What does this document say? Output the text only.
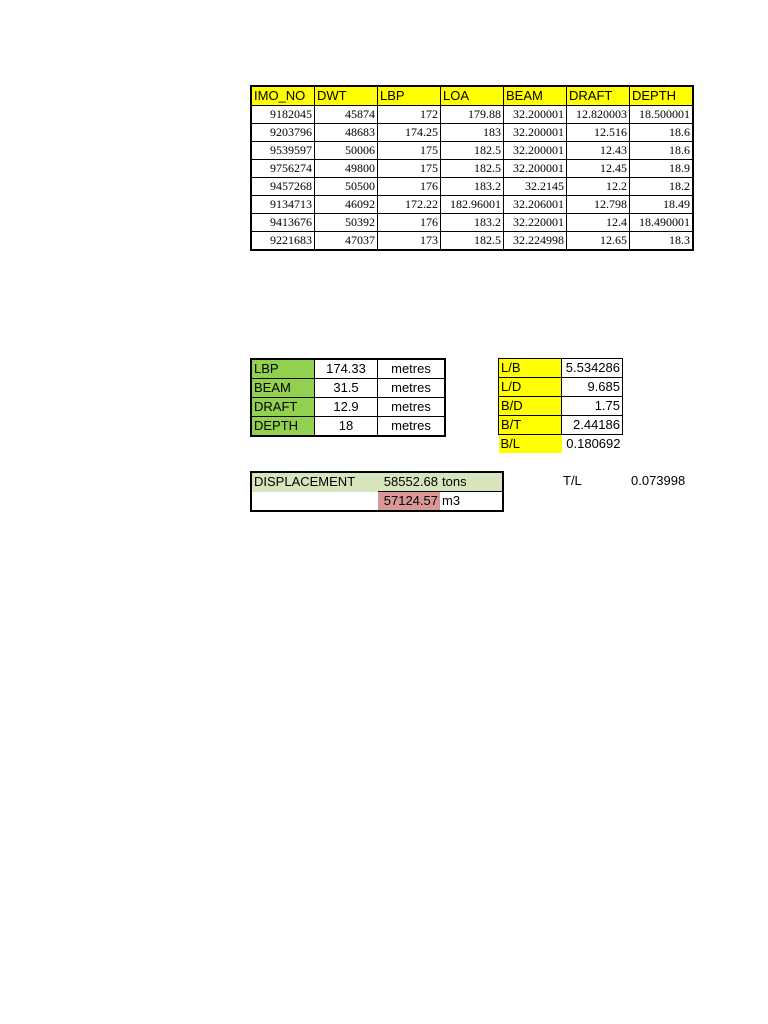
IMO_NO	DWT	LBP	LOA	BEAM	DRAFT	DEPTH
9182045	45874	172	179.88	32.200001	12.820003	18.500001
9203796	48683	174.25	183	32.200001	12.516	18.6
9539597	50006	175	182.5	32.200001	12.43	18.6
9756274	49800	175	182.5	32.200001	12.45	18.9
9457268	50500	176	183.2	32.2145	12.2	18.2
9134713	46092	172.22	182.96001	32.206001	12.798	18.49
9413676	50392	176	183.2	32.220001	12.4	18.490001
9221683	47037	173	182.5	32.224998	12.65	18.3
LBP	174.33	metres
BEAM	31.5	metres
DRAFT	12.9	metres
DEPTH	18	metres
L/B	5.534286
L/D	9.685
B/D	1.75
B/T	2.44186
B/L	0.180692
DISPLACEMENT	58552.68	tons
	57124.57	m3
T/L	0.073998
